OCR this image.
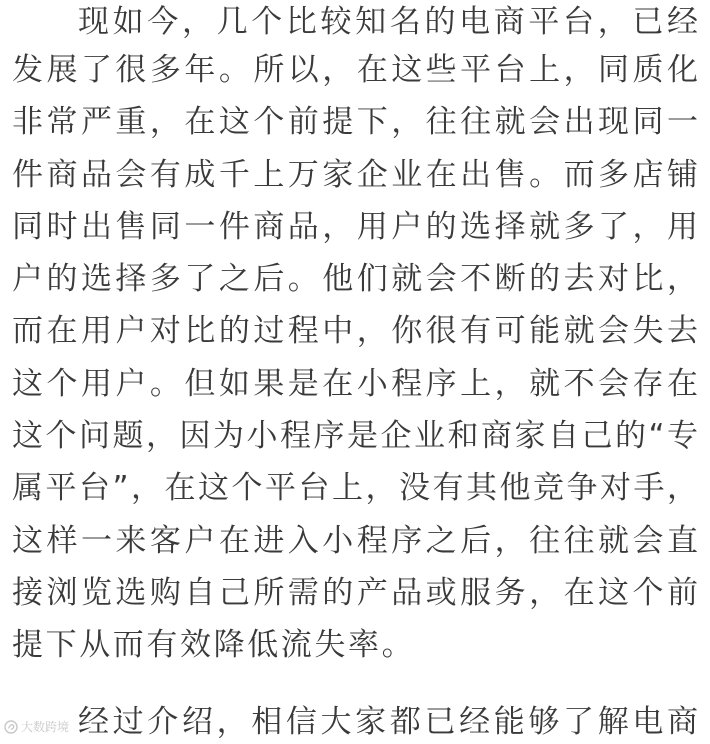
现如今，几个比较知名的电商平台，已经
发展了很多年。所以，在这些平台上，同质化
非常严重，在这个前提下，往往就会出现同一
件商品会有成千上万家企业在出售。而多店铺
同时出售同一件商品，用户的选择就多了，用
户的选择多了之后。他们就会不断的去对比，
而在用户对比的过程中，你很有可能就会失去
这个用户。但如果是在小程序上，就不会存在
这个问题，因为小程序是企业和商家自己的“专
属平台”，在这个平台上，没有其他竞争对手，
这样一来客户在进入小程序之后，往往就会直
接浏览选购自己所需的产品或服务，在这个前
提下从而有效降低流失率。
经过介绍，相信大家都已经能够了解电商
大数跨境
